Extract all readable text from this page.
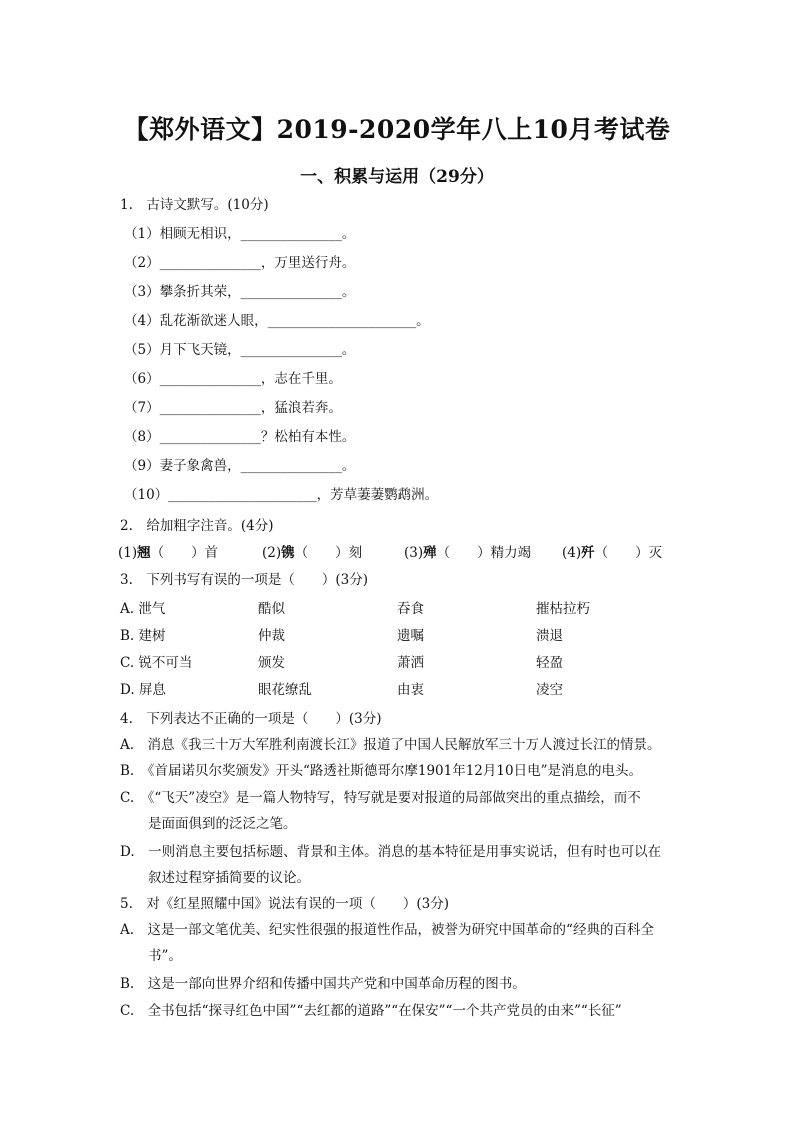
【郑外语文】2019-2020学年八上10月考试卷
一、积累与运用（29分）
1.　古诗文默写。(10分)
（1）相顾无相识，_______________。
（2）_______________，万里送行舟。
（3）攀条折其荣，_______________。
（4）乱花渐欲迷人眼，______________________。
（5）月下飞天镜，_______________。
（6）_______________，志在千里。
（7）_______________，猛浪若奔。
（8）_______________？松柏有本性。
（9）妻子象禽兽，_______________。
（10）______________________，芳草萋萋鹦鹉洲。
2.　给加粗字注音。(4分)
(1)翘（　　）首	(2)镌（　　）刻	(3)殚（　　）精力竭 (4)歼（　　）灭
3.　下列书写有误的一项是（　　）(3分)
A. 泄气	酷似	吞食	摧枯拉朽
B. 建树	仲裁	遗嘱	溃退
C. 锐不可当	颁发	萧洒	轻盈
D. 屏息	眼花缭乱	由衷	凌空
4.　下列表达不正确的一项是（　　）(3分)
A.　消息《我三十万大军胜利南渡长江》报道了中国人民解放军三十万人渡过长江的情景。
B.　《首届诺贝尔奖颁发》开头“路透社斯德哥尔摩1901年12月10日电”是消息的电头。
C.　《“飞天”凌空》是一篇人物特写，特写就是要对报道的局部做突出的重点描绘，而不
是面面俱到的泛泛之笔。
D.　一则消息主要包括标题、背景和主体。消息的基本特征是用事实说话，但有时也可以在
叙述过程穿插简要的议论。
5.　对《红星照耀中国》说法有误的一项（　　）(3分)
A.　这是一部文笔优美、纪实性很强的报道性作品，被誉为研究中国革命的“经典的百科全
书”。
B.　这是一部向世界介绍和传播中国共产党和中国革命历程的图书。
C.　全书包括“探寻红色中国”“去红都的道路”“在保安”“一个共产党员的由来”“长征”
